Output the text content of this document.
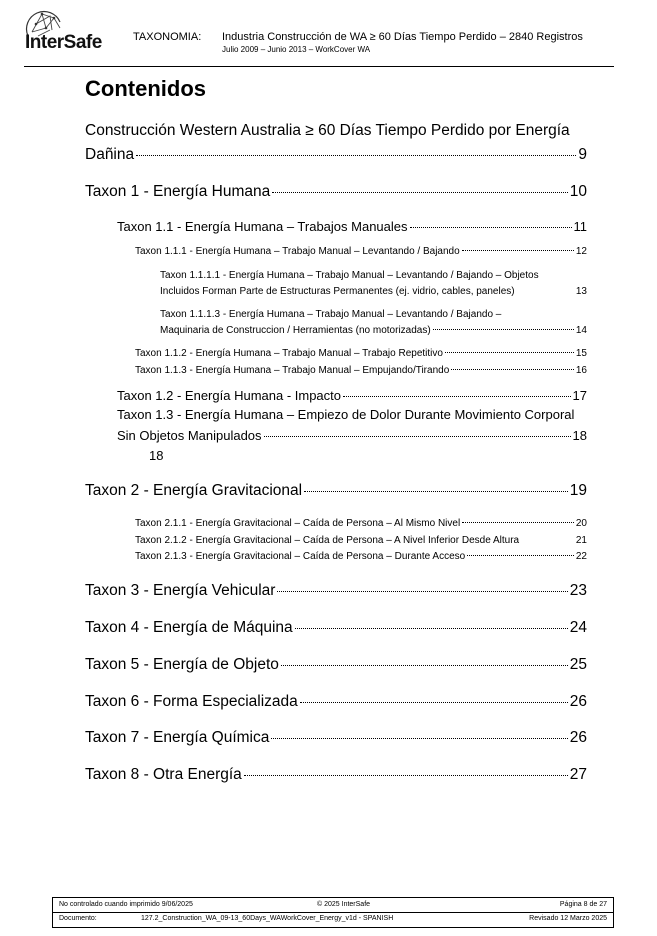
InterSafe	TAXONOMIA: Industria Construcción de WA ≥ 60 Días Tiempo Perdido – 2840 Registros
Julio 2009 – Junio 2013 – WorkCover WA
Contenidos
Construcción Western Australia ≥ 60 Días Tiempo Perdido por Energía
Dañina	9
Taxon 1 - Energía Humana	10
Taxon 1.1 - Energía Humana – Trabajos Manuales	11
Taxon 1.1.1 - Energía Humana – Trabajo Manual – Levantando / Bajando	12
Taxon 1.1.1.1 - Energía Humana – Trabajo Manual – Levantando / Bajando – Objetos
Incluidos Forman Parte de Estructuras Permanentes (ej. vidrio, cables, paneles)	13
Taxon 1.1.1.3 - Energía Humana – Trabajo Manual – Levantando / Bajando –
Maquinaria de Construccion / Herramientas (no motorizadas)	14
Taxon 1.1.2 - Energía Humana – Trabajo Manual – Trabajo Repetitivo	15
Taxon 1.1.3 - Energía Humana – Trabajo Manual – Empujando/Tirando	16
Taxon 1.2 - Energía Humana - Impacto	17
Taxon 1.3 - Energía Humana – Empiezo de Dolor Durante Movimiento Corporal
Sin Objetos Manipulados	18
18
Taxon 2 - Energía Gravitacional	19
Taxon 2.1.1 - Energía Gravitacional – Caída de Persona – Al Mismo Nivel	20
Taxon 2.1.2 - Energía Gravitacional – Caída de Persona – A Nivel Inferior Desde Altura	21
Taxon 2.1.3 - Energía Gravitacional – Caída de Persona – Durante Acceso	22
Taxon 3 - Energía Vehicular	23
Taxon 4 - Energía de Máquina	24
Taxon 5 - Energía de Objeto	25
Taxon 6 - Forma Especializada	26
Taxon 7 - Energía Química	26
Taxon 8 - Otra Energía	27
No controlado cuando imprimido 9/06/2025	© 2025 InterSafe	Página 8 de 27
Documento:	127.2_Construction_WA_09-13_60Days_WAWorkCover_Energy_v1d - SPANISH	Revisado 12 Marzo 2025
